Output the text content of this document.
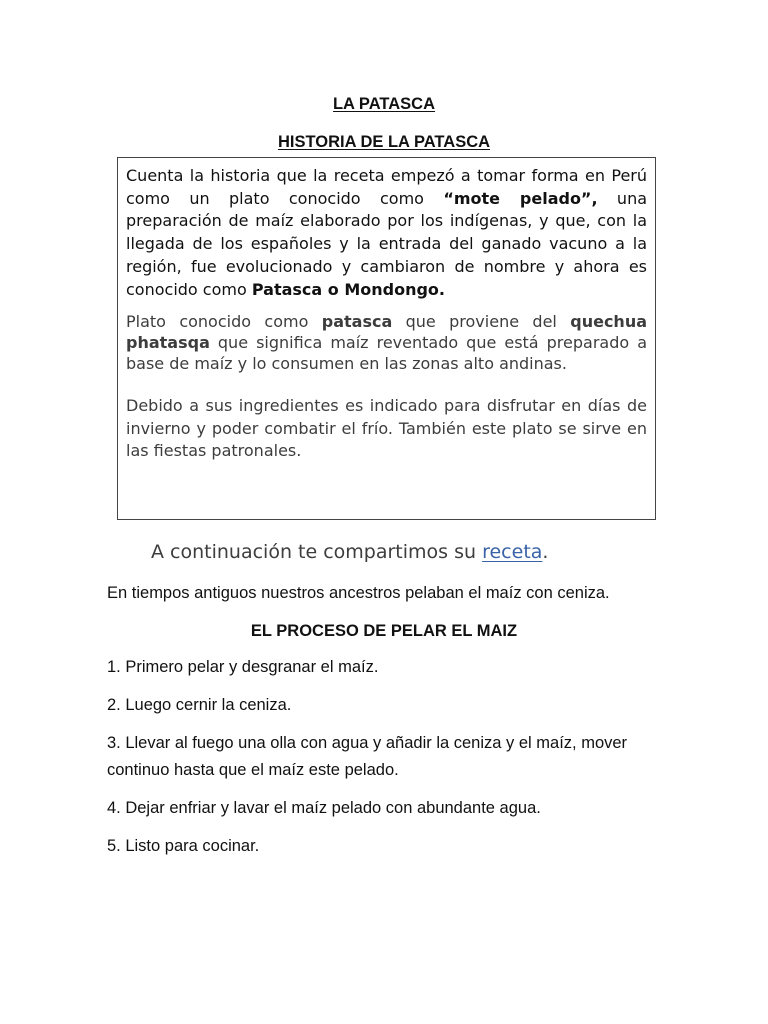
LA PATASCA
HISTORIA DE LA PATASCA

Cuenta la historia que la receta empezó a tomar forma en Perú como un plato conocido como “mote pelado”, una preparación de maíz elaborado por los indígenas, y que, con la llegada de los españoles y la entrada del ganado vacuno a la región, fue evolucionado y cambiaron de nombre y ahora es conocido como Patasca o Mondongo.

Plato conocido como patasca que proviene del quechua phatasqa que significa maíz reventado que está preparado a base de maíz y lo consumen en las zonas alto andinas.

Debido a sus ingredientes es indicado para disfrutar en días de invierno y poder combatir el frío. También este plato se sirve en las fiestas patronales.

A continuación te compartimos su receta.

En tiempos antiguos nuestros ancestros pelaban el maíz con ceniza.

EL PROCESO DE PELAR EL MAIZ

1. Primero pelar y desgranar el maíz.

2. Luego cernir la ceniza.

3. Llevar al fuego una olla con agua y añadir la ceniza y el maíz, mover continuo hasta que el maíz este pelado.

4. Dejar enfriar y lavar el maíz pelado con abundante agua.

5. Listo para cocinar.
